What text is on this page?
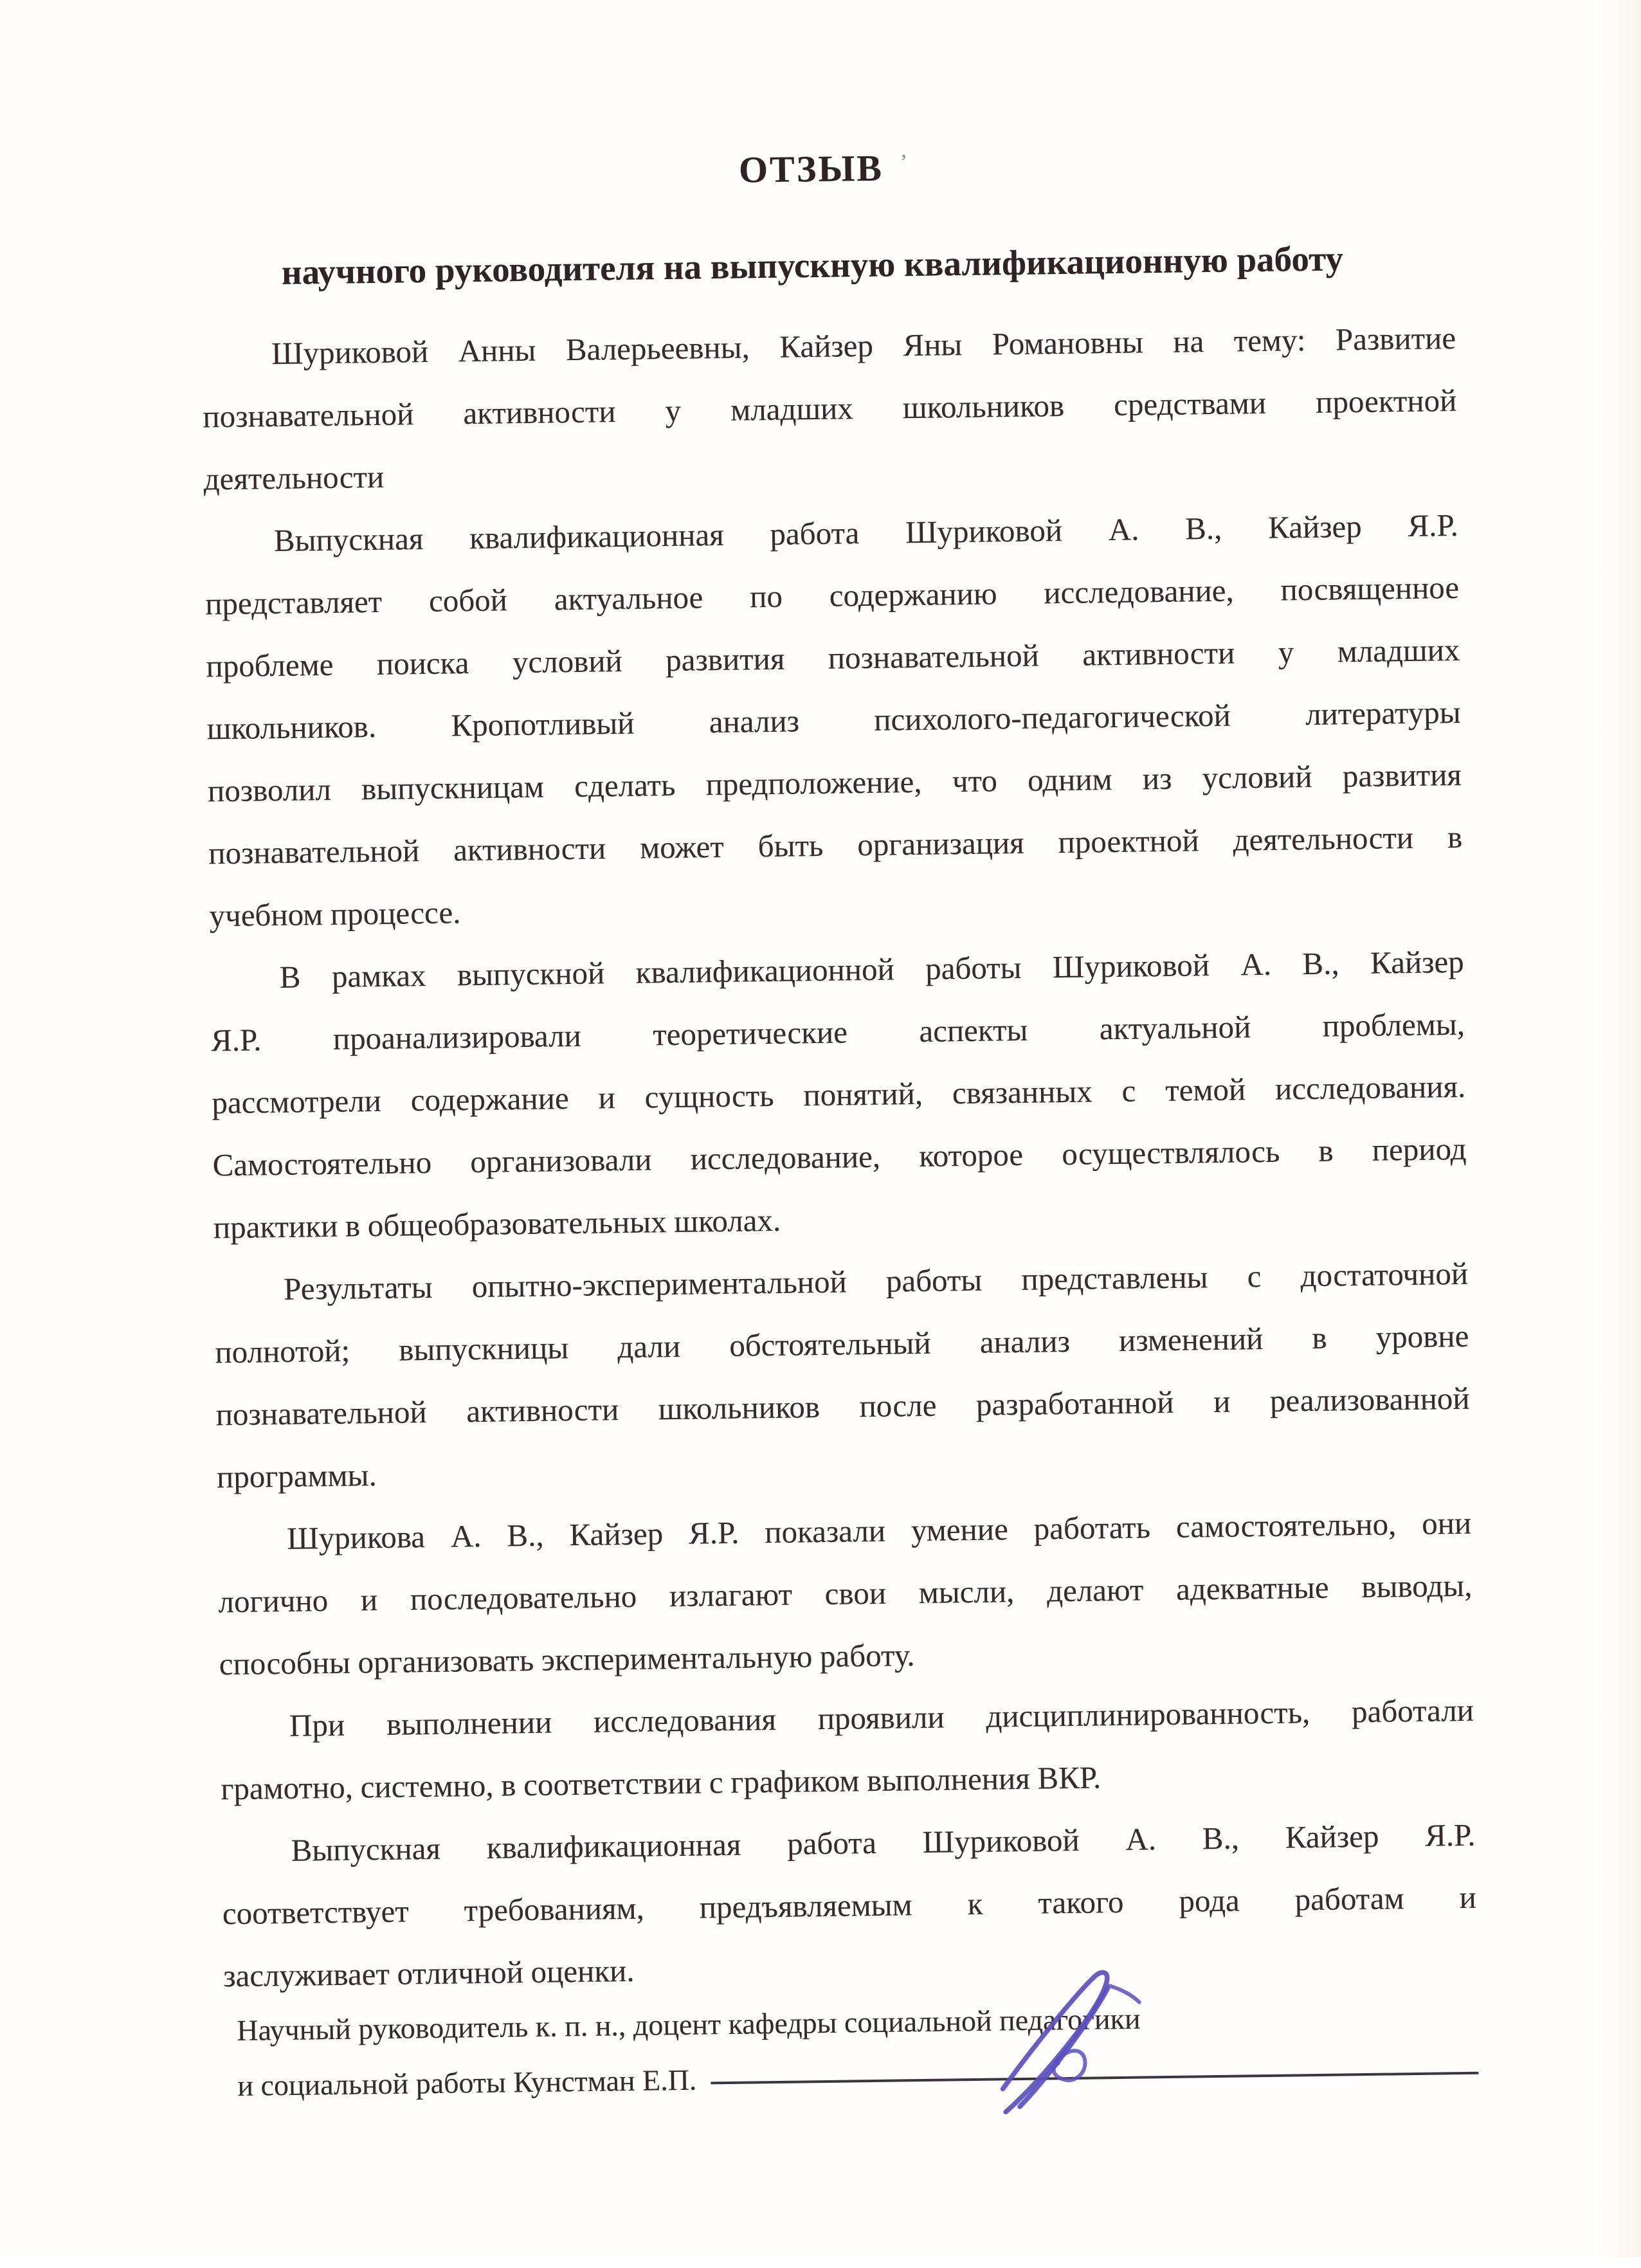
ОТЗЫВ ʼ
научного руководителя на выпускную квалификационную работу
Шуриковой Анны Валерьеевны, Кайзер Яны Романовны на тему: Развитие
познавательной активности у младших школьников средствами проектной
деятельности
Выпускная квалификационная работа Шуриковой А. В., Кайзер Я.Р.
представляет собой актуальное по содержанию исследование, посвященное
проблеме поиска условий развития познавательной активности у младших
школьников. Кропотливый анализ психолого-педагогической литературы
позволил выпускницам сделать предположение, что одним из условий развития
познавательной активности может быть организация проектной деятельности в
учебном процессе.
В рамках выпускной квалификационной работы Шуриковой А. В., Кайзер
Я.Р. проанализировали теоретические аспекты актуальной проблемы,
рассмотрели содержание и сущность понятий, связанных с темой исследования.
Самостоятельно организовали исследование, которое осуществлялось в период
практики в общеобразовательных школах.
Результаты опытно-экспериментальной работы представлены с достаточной
полнотой; выпускницы дали обстоятельный анализ изменений в уровне
познавательной активности школьников после разработанной и реализованной
программы.
Шурикова А. В., Кайзер Я.Р. показали умение работать самостоятельно, они
логично и последовательно излагают свои мысли, делают адекватные выводы,
способны организовать экспериментальную работу.
При выполнении исследования проявили дисциплинированность, работали
грамотно, системно, в соответствии с графиком выполнения ВКР.
Выпускная квалификационная работа Шуриковой А. В., Кайзер Я.Р.
соответствует требованиям, предъявляемым к такого рода работам и
заслуживает отличной оценки.
Научный руководитель к. п. н., доцент кафедры социальной педагогики
и социальной работы Кунстман Е.П.
